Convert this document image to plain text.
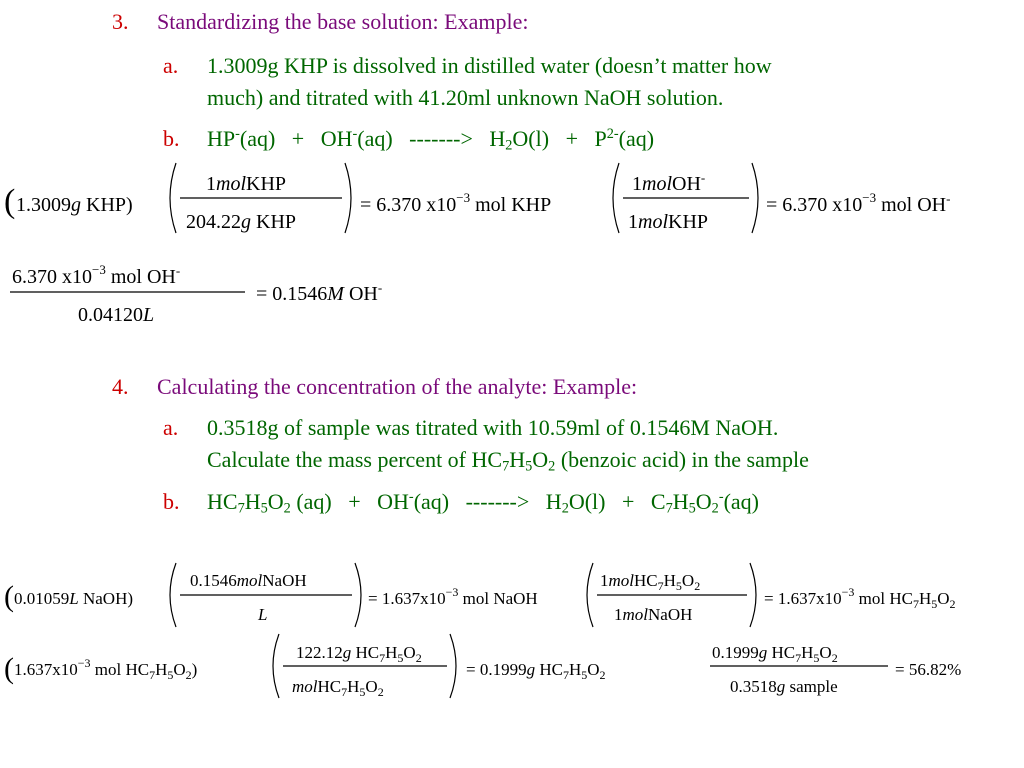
3. Standardizing the base solution: Example:
a. 1.3009g KHP is dissolved in distilled water (doesn’t matter how
much) and titrated with 41.20ml unknown NaOH solution.
b. HP-(aq)   +   OH-(aq)   ------->   $H_2O(l) + P^{2-}(aq)$
4. Calculating the concentration of the analyte: Example:
a. 0.3518g of sample was titrated with 10.59ml of 0.1546M NaOH.
Calculate the mass percent of $HC_7H_5O_2$ (benzoic acid) in the sample
b. $HC_7H_5O_2$ (aq)   +   OH-(aq)   ------->   $H_2O(l) + C_7H_5O_2^-(aq)$
( 1.3009g KHP)
1molKHP
204.22g KHP
= 6.370 $x10^{-3}$ mol KHP
1molOH-
1molKHP
= 6.370 $x10^{-3}$ mol OH-
6.370 $x10^{-3}$ mol OH-
0.04120L
= 0.1546M OH-
( 0.01059L NaOH)
0.1546molNaOH
L
= $1.637x10^{-3}$ mol NaOH
$1molHC_7H_5O_2$
1molNaOH
= $1.637x10^{-3}$ mol $HC_7H_5O_2$
( $1.637x10^{-3}$ mol $HC_7H_5O_2$)
122.12g $HC_7H_5O_2$
$molHC_7H_5O_2$
= 0.1999g $HC_7H_5O_2$
0.1999g $HC_7H_5O_2$
0.3518g sample
= 56.82%
